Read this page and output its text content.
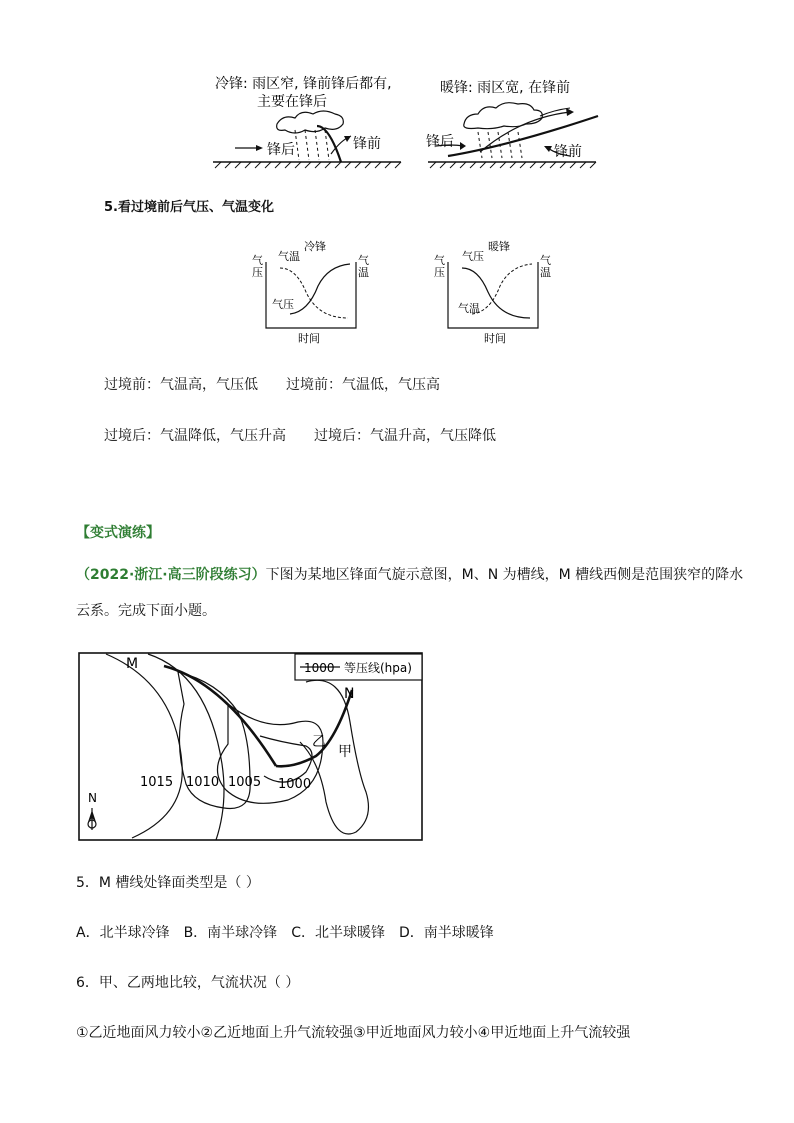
冷锋: 雨区窄, 锋前锋后都有,
主要在锋后
锋后	锋前
暖锋: 雨区宽, 在锋前
锋后
锋前
5.看过境前后气压、气温变化
气
压
气
温
冷锋
气温
气压
时间
气
压
气
温
暖锋
气压
气温
时间
过境前：气温高，气压低 过境前：气温低，气压高
过境后：气温降低，气压升高 过境后：气温升高，气压降低
【变式演练】
（2022·浙江·高三阶段练习）下图为某地区锋面气旋示意图，M、N 为槽线，M 槽线西侧是范围狭窄的降水
云系。完成下面小题。
1000 等压线(hpa)
M
N
乙
甲
1015 1010 1005 1000
N
5．M 槽线处锋面类型是（ ）
A．北半球冷锋 B．南半球冷锋 C．北半球暖锋 D．南半球暖锋
6．甲、乙两地比较，气流状况（ ）
①乙近地面风力较小②乙近地面上升气流较强③甲近地面风力较小④甲近地面上升气流较强
